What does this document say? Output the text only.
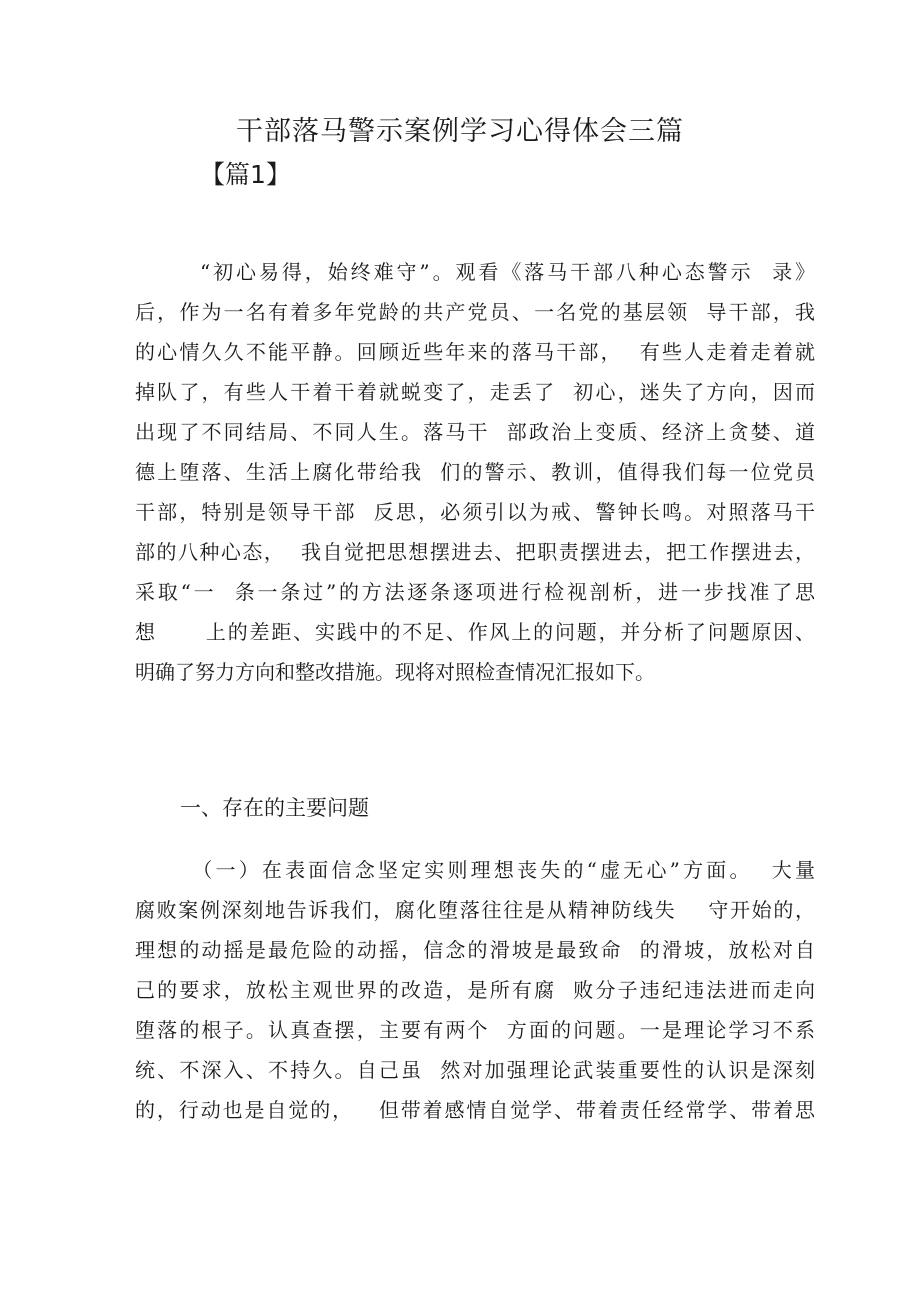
干部落马警示案例学习心得体会三篇
【篇1】
“初心易得，始终难守”。观看《落马干部八种心态警示  录》
后，作为一名有着多年党龄的共产党员、一名党的基层领  导干部，我
的心情久久不能平静。回顾近些年来的落马干部，  有些人走着走着就
掉队了，有些人干着干着就蜕变了，走丢了  初心，迷失了方向，因而
出现了不同结局、不同人生。落马干  部政治上变质、经济上贪婪、道
德上堕落、生活上腐化带给我  们的警示、教训，值得我们每一位党员
干部，特别是领导干部  反思，必须引以为戒、警钟长鸣。对照落马干
部的八种心态，  我自觉把思想摆进去、把职责摆进去，把工作摆进去，
采取“一  条一条过”的方法逐条逐项进行检视剖析，进一步找准了思
想      上的差距、实践中的不足、作风上的问题，并分析了问题原因、
明确了努力方向和整改措施。现将对照检查情况汇报如下。
一、存在的主要问题
（一）在表面信念坚定实则理想丧失的“虚无心”方面。  大量
腐败案例深刻地告诉我们，腐化堕落往往是从精神防线失    守开始的，
理想的动摇是最危险的动摇，信念的滑坡是最致命  的滑坡，放松对自
己的要求，放松主观世界的改造，是所有腐  败分子违纪违法进而走向
堕落的根子。认真查摆，主要有两个  方面的问题。一是理论学习不系
统、不深入、不持久。自己虽  然对加强理论武装重要性的认识是深刻
的，行动也是自觉的，   但带着感情自觉学、带着责任经常学、带着思
